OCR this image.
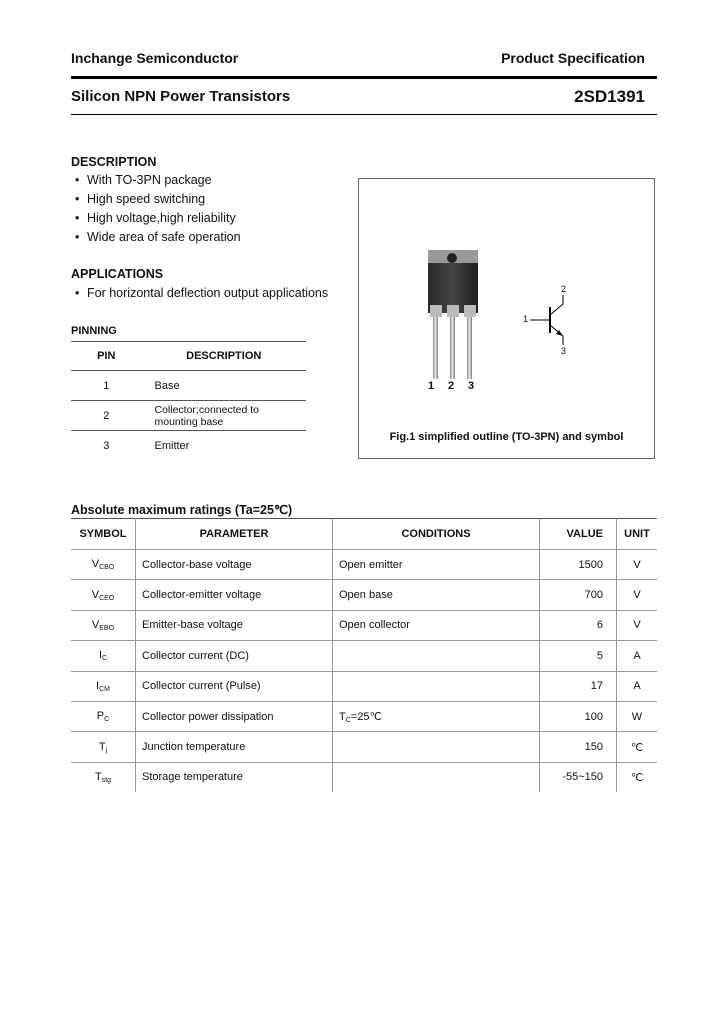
Inchange Semiconductor	Product Specification
Silicon NPN Power Transistors	2SD1391
DESCRIPTION
• With TO-3PN package
• High speed switching
• High voltage,high reliability
• Wide area of safe operation
APPLICATIONS
• For horizontal deflection output applications
PINNING
PIN	DESCRIPTION
1	Base
2	Collector;connected to mounting base

3	Emitter
1 2 3
1
2
3
Fig.1 simplified outline (TO-3PN) and symbol
Absolute maximum ratings (Ta=25℃)
SYMBOL	PARAMETER	CONDITIONS	VALUE	UNIT
$V_{CBO}$	Collector-base voltage	Open emitter	1500	V
$V_{CEO}$	Collector-emitter voltage	Open base	700	V
$V_{EBO}$	Emitter-base voltage	Open collector	6	V
$I_C$	Collector current (DC)		5	A
$I_{CM}$	Collector current (Pulse)		17	A
$P_C$	Collector power dissipation	$T_C=25℃$	100	W
$T_j$	Junction temperature		150	℃
$T_{stg}$	Storage temperature		-55~150	℃
